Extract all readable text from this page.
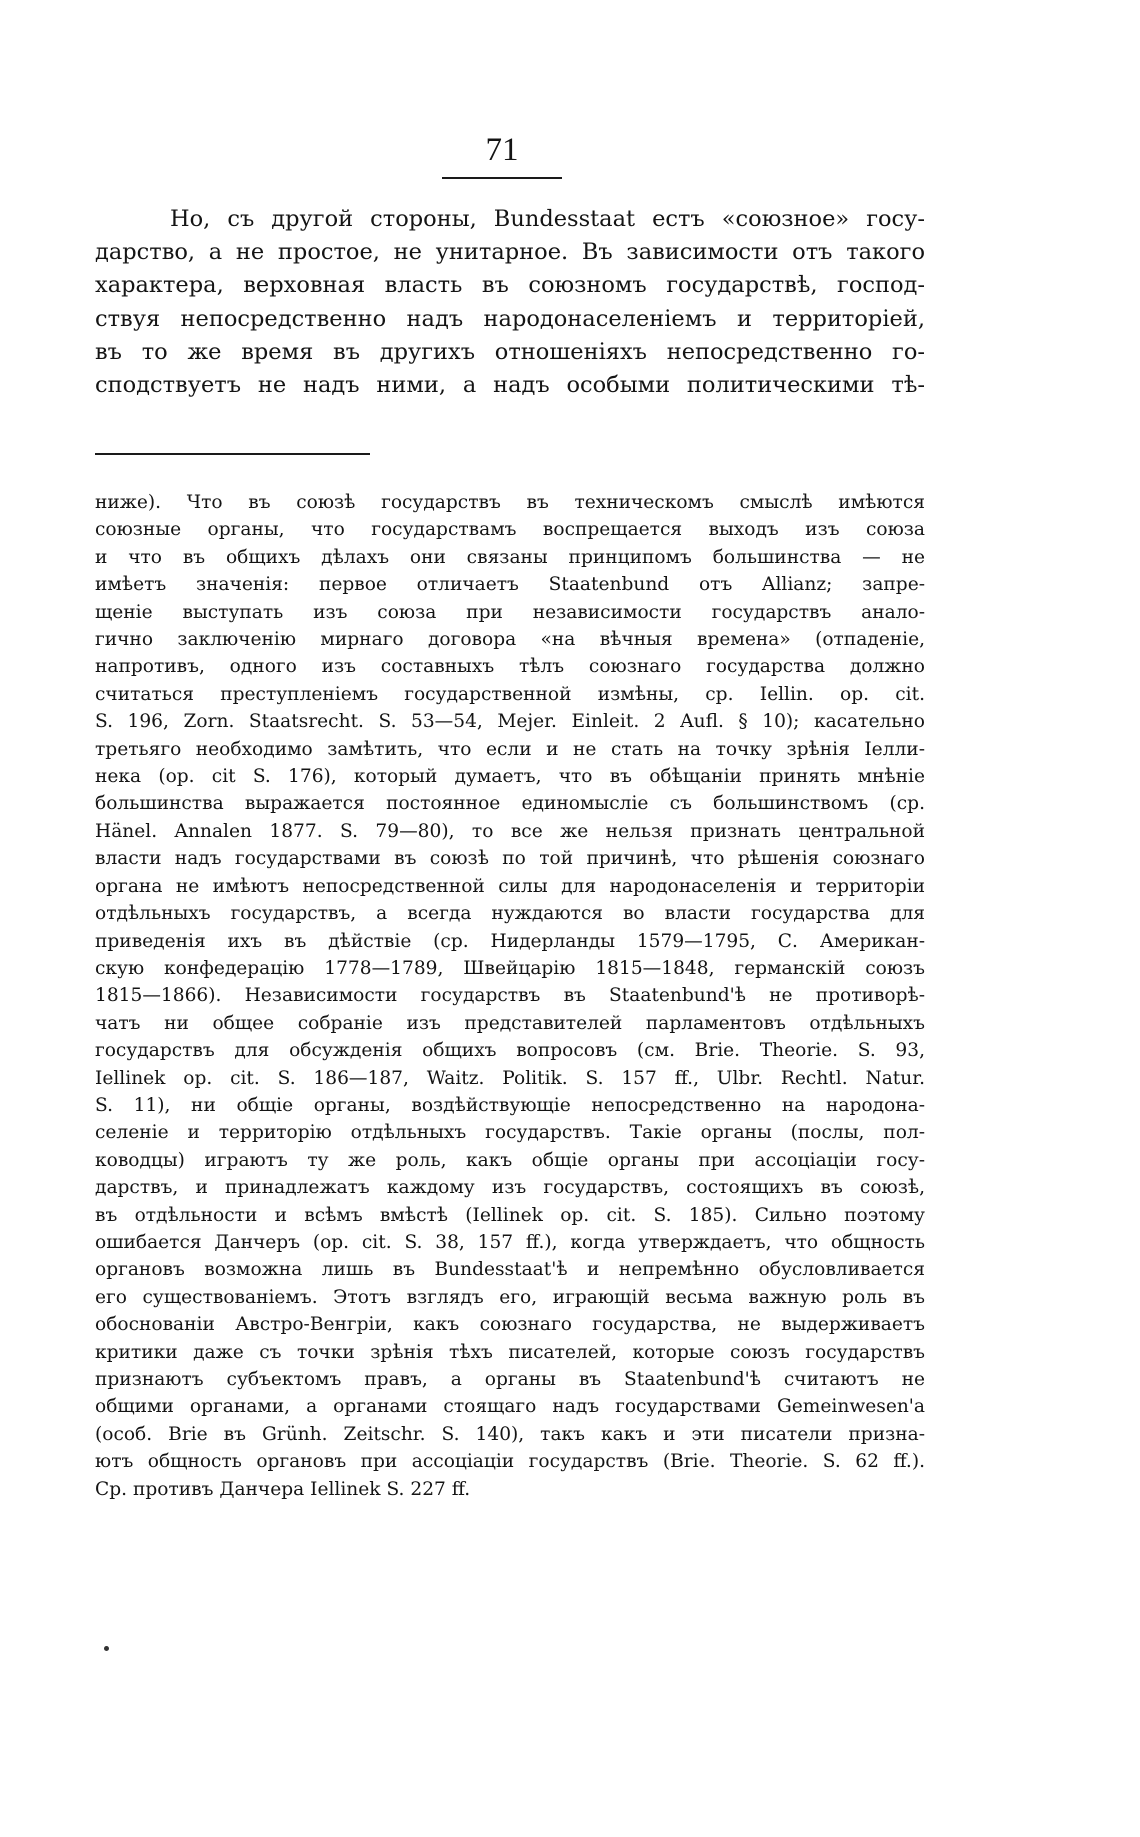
71
Но, съ другой стороны, Bundesstaat естъ «союзное» госу-
дарство, а не простое, не унитарное. Въ зависимости отъ такого
характера, верховная власть въ союзномъ государствѣ, господ-
ствуя непосредственно надъ народонаселеніемъ и территоріей,
въ то же время въ другихъ отношеніяхъ непосредственно го-
сподствуетъ не надъ ними, а надъ особыми политическими тѣ-
ниже). Что въ союзѣ государствъ въ техническомъ смыслѣ имѣются
союзные органы, что государствамъ воспрещается выходъ изъ союза
и что въ общихъ дѣлахъ они связаны принципомъ большинства — не
имѣетъ значенія: первое отличаетъ Staatenbund отъ Allianz; запре-
щеніе выступать изъ союза при независимости государствъ анало-
гично заключенію мирнаго договора «на вѣчныя времена» (отпаденіе,
напротивъ, одного изъ составныхъ тѣлъ союзнаго государства должно
считаться преступленіемъ государственной измѣны, ср. Iellin. op. cit.
S. 196, Zorn. Staatsrecht. S. 53—54, Mejer. Einleit. 2 Aufl. § 10); касательно
третьяго необходимо замѣтить, что если и не стать на точку зрѣнія Іелли-
нека (op. cit S. 176), который думаетъ, что въ обѣщаніи принять мнѣніе
большинства выражается постоянное единомысліе съ большинствомъ (ср.
Hänel. Annalen 1877. S. 79—80), то все же нельзя признать центральной
власти надъ государствами въ союзѣ по той причинѣ, что рѣшенія союзнаго
органа не имѣютъ непосредственной силы для народонаселенія и территоріи
отдѣльныхъ государствъ, а всегда нуждаются во власти государства для
приведенія ихъ въ дѣйствіе (ср. Нидерланды 1579—1795, С. Американ-
скую конфедерацію 1778—1789, Швейцарію 1815—1848, германскій союзъ
1815—1866). Независимости государствъ въ Staatenbund'ѣ не противорѣ-
чатъ ни общее собраніе изъ представителей парламентовъ отдѣльныхъ
государствъ для обсужденія общихъ вопросовъ (см. Brie. Theorie. S. 93,
Iellinek op. cit. S. 186—187, Waitz. Politik. S. 157 ff., Ulbr. Rechtl. Natur.
S. 11), ни общіе органы, воздѣйствующіе непосредственно на народона-
селеніе и территорію отдѣльныхъ государствъ. Такіе органы (послы, пол-
ководцы) играютъ ту же роль, какъ общіе органы при ассоціаціи госу-
дарствъ, и принадлежатъ каждому изъ государствъ, состоящихъ въ союзѣ,
въ отдѣльности и всѣмъ вмѣстѣ (Iellinek op. cit. S. 185). Сильно поэтому
ошибается Данчеръ (op. cit. S. 38, 157 ff.), когда утверждаетъ, что общность
органовъ возможна лишь въ Bundesstaat'ѣ и непремѣнно обусловливается
его существованіемъ. Этотъ взглядъ его, играющій весьма важную роль въ
обоснованіи Австро-Венгріи, какъ союзнаго государства, не выдерживаетъ
критики даже съ точки зрѣнія тѣхъ писателей, которые союзъ государствъ
признаютъ субъектомъ правъ, а органы въ Staatenbund'ѣ считаютъ не
общими органами, а органами стоящаго надъ государствами Gemeinwesen'a
(особ. Brie въ Grünh. Zeitschr. S. 140), такъ какъ и эти писатели призна-
ютъ общность органовъ при ассоціаціи государствъ (Brie. Theorie. S. 62 ff.).
Ср. противъ Данчера Iellinek S. 227 ff.
